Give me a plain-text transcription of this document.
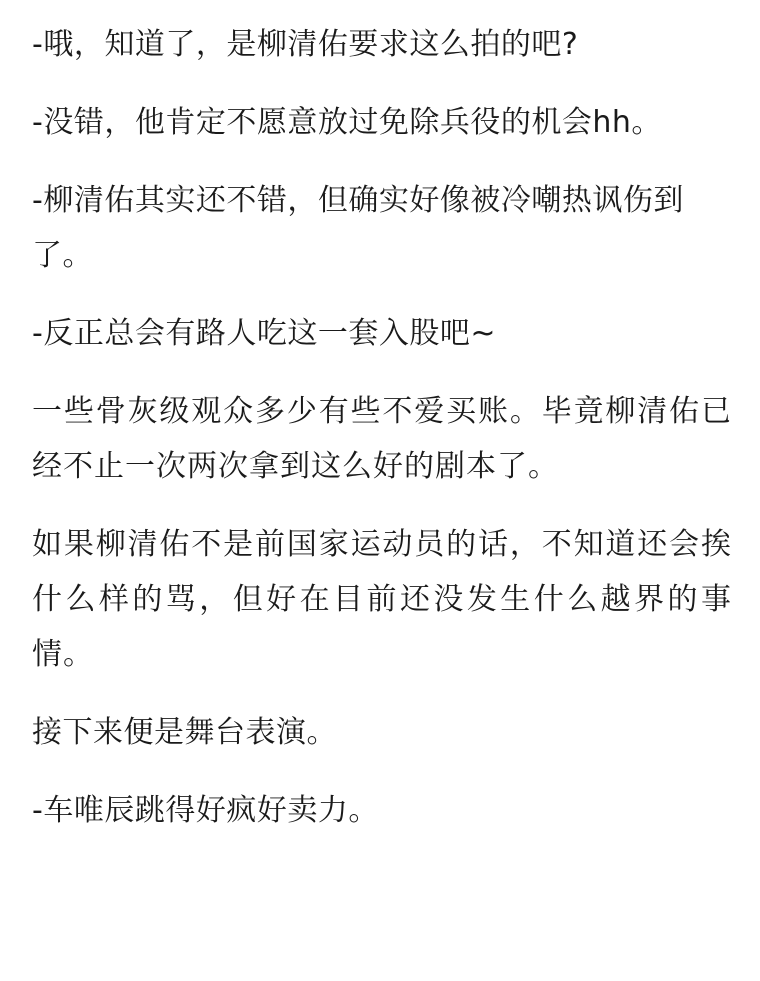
-哦，知道了，是柳清佑要求这么拍的吧?

-没错，他肯定不愿意放过免除兵役的机会hh。

-柳清佑其实还不错，但确实好像被冷嘲热讽伤到了。

-反正总会有路人吃这一套入股吧~

一些骨灰级观众多少有些不爱买账。毕竟柳清佑已经不止一次两次拿到这么好的剧本了。

如果柳清佑不是前国家运动员的话，不知道还会挨什么样的骂，但好在目前还没发生什么越界的事情。

接下来便是舞台表演。

-车唯辰跳得好疯好卖力。
